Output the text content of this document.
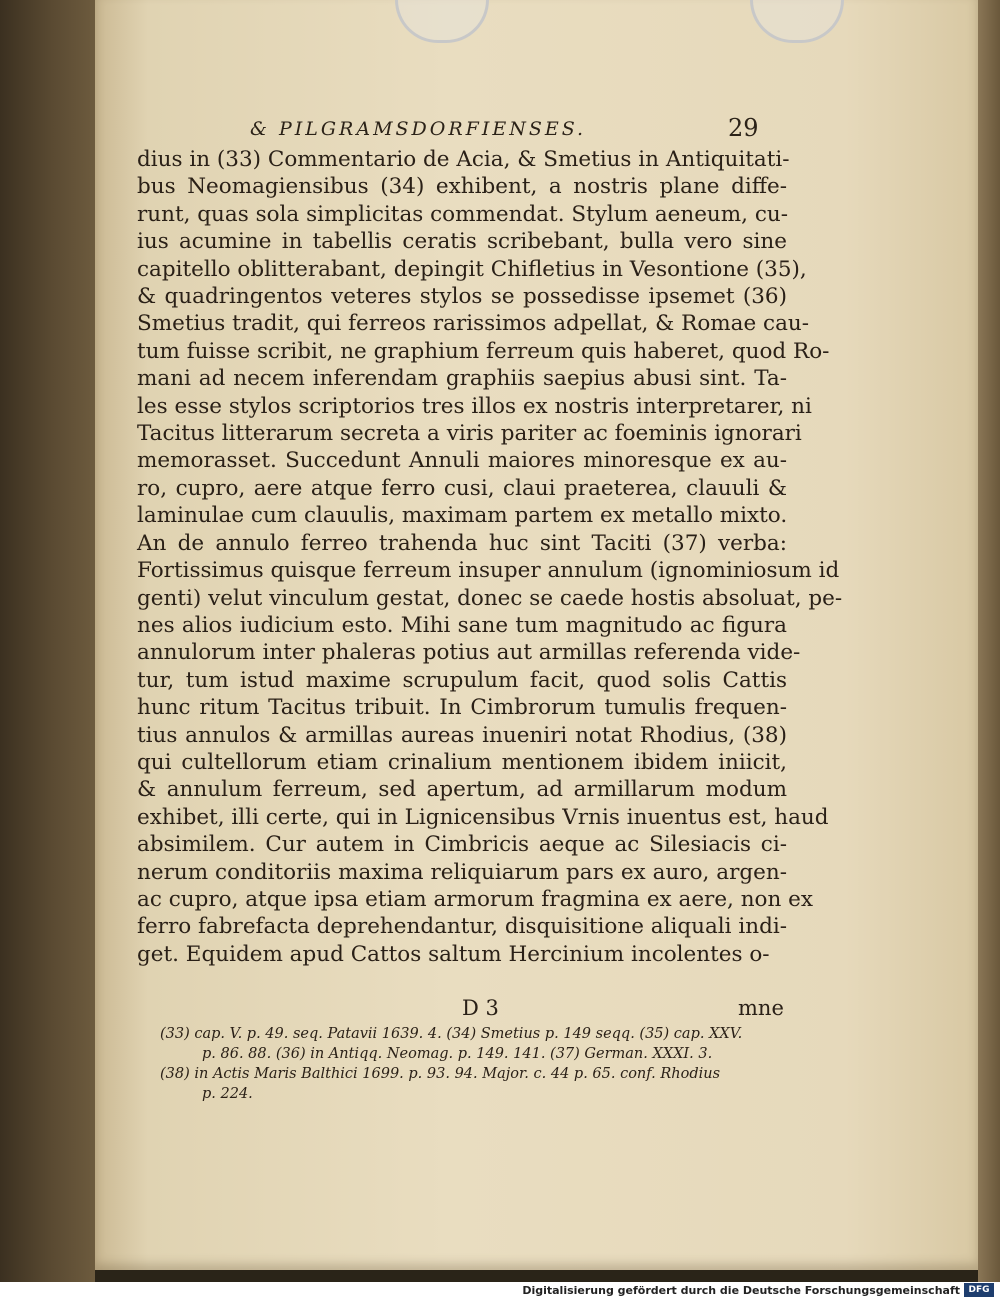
& PILGRAMSDORFIENSES.	29
dius in (33) Commentario de Acia, & Smetius in Antiquitati-
bus Neomagiensibus (34) exhibent, a nostris plane diffe-
runt, quas sola simplicitas commendat. Stylum aeneum, cu-
ius acumine in tabellis ceratis scribebant, bulla vero sine
capitello oblitterabant, depingit Chifletius in Vesontione (35),
& quadringentos veteres stylos se possedisse ipsemet (36)
Smetius tradit, qui ferreos rarissimos adpellat, & Romae cau-
tum fuisse scribit, ne graphium ferreum quis haberet, quod Ro-
mani ad necem inferendam graphiis saepius abusi sint. Ta-
les esse stylos scriptorios tres illos ex nostris interpretarer, ni
Tacitus litterarum secreta a viris pariter ac foeminis ignorari
memorasset. Succedunt Annuli maiores minoresque ex au-
ro, cupro, aere atque ferro cusi, claui praeterea, clauuli &
laminulae cum clauulis, maximam partem ex metallo mixto.
An de annulo ferreo trahenda huc sint Taciti (37) verba:
Fortissimus quisque ferreum insuper annulum (ignominiosum id
genti) velut vinculum gestat, donec se caede hostis absoluat, pe-
nes alios iudicium esto. Mihi sane tum magnitudo ac figura
annulorum inter phaleras potius aut armillas referenda vide-
tur, tum istud maxime scrupulum facit, quod solis Cattis
hunc ritum Tacitus tribuit. In Cimbrorum tumulis frequen-
tius annulos & armillas aureas inueniri notat Rhodius, (38)
qui cultellorum etiam crinalium mentionem ibidem iniicit,
& annulum ferreum, sed apertum, ad armillarum modum
exhibet, illi certe, qui in Lignicensibus Vrnis inuentus est, haud
absimilem. Cur autem in Cimbricis aeque ac Silesiacis ci-
nerum conditoriis maxima reliquiarum pars ex auro, argen-
ac cupro, atque ipsa etiam armorum fragmina ex aere, non ex
ferro fabrefacta deprehendantur, disquisitione aliquali indi-
get. Equidem apud Cattos saltum Hercinium incolentes o-
D 3	mne
(33) cap. V. p. 49. seq. Patavii 1639. 4. (34) Smetius p. 149 seqq. (35) cap. XXV.
p. 86. 88. (36) in Antiqq. Neomag. p. 149. 141. (37) German. XXXI. 3.
(38) in Actis Maris Balthici 1699. p. 93. 94. Major. c. 44 p. 65. conf. Rhodius
p. 224.
Digitalisierung gefördert durch die Deutsche Forschungsgemeinschaft DFG
